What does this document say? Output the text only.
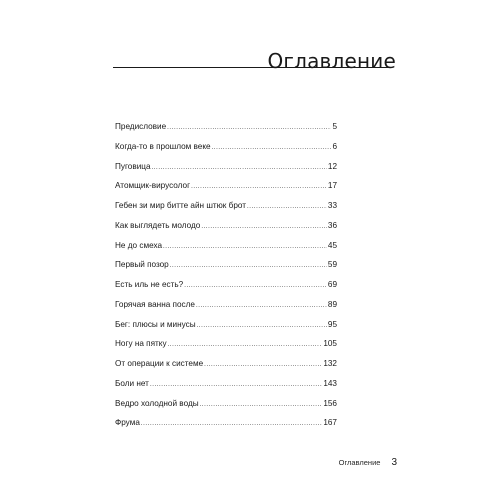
Оглавление
Предисловие .....	5
Когда-то в прошлом веке .....	6
Пуговица .....	12
Атомщик-вирусолог .....	17
Гебен зи мир битте айн штюк брот .....	33
Как выглядеть молодо .....	36
Не до смеха .....	45
Первый позор .....	59
Есть иль не есть? .....	69
Горячая ванна после .....	89
Бег: плюсы и минусы .....	95
Ногу на пятку .....	105
От операции к системе .....	132
Боли нет .....	143
Ведро холодной воды .....	156
Фрума .....	167
Оглавление 3
